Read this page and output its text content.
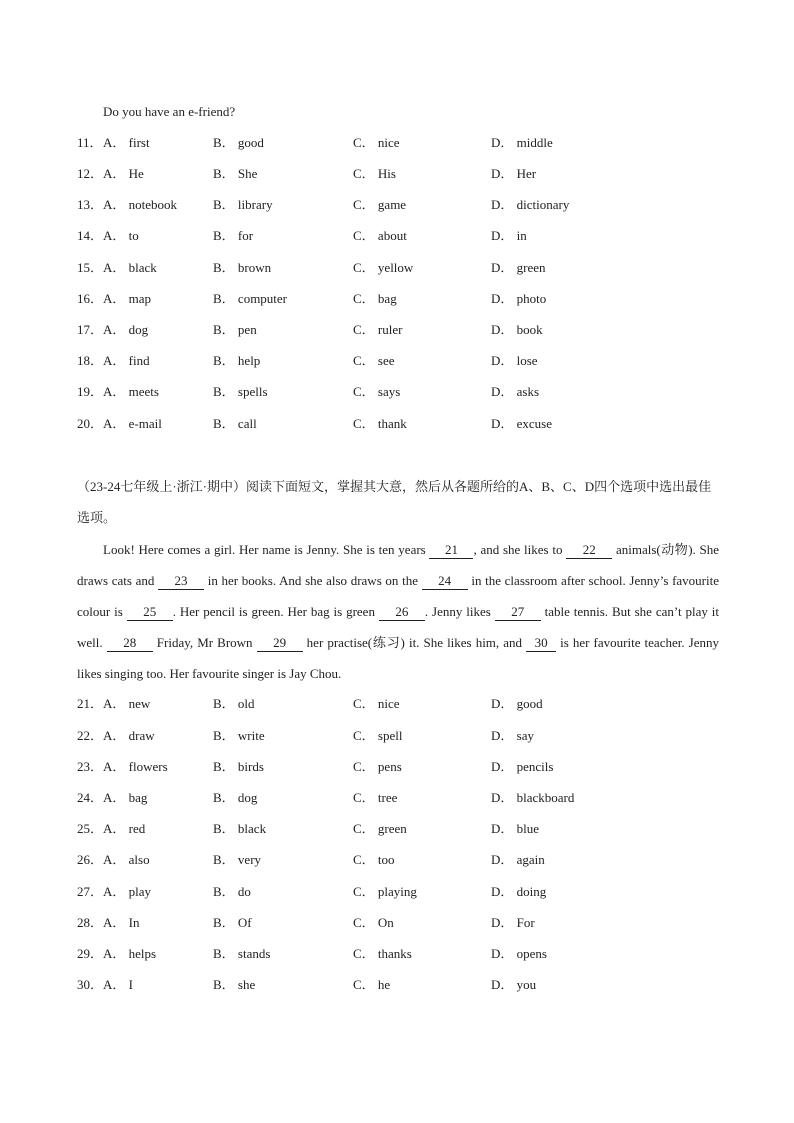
Do you have an e-friend?
11． A． first	B． good	C． nice	D． middle
12． A． He	B． She	C． His	D． Her
13． A． notebook	B． library	C． game	D． dictionary
14． A． to	B． for	C． about	D． in
15． A． black	B． brown	C． yellow	D． green
16． A． map	B． computer	C． bag	D． photo
17． A． dog	B． pen	C． ruler	D． book
18． A． find	B． help	C． see	D． lose
19． A． meets	B． spells	C． says	D． asks
20． A． e-mail	B． call	C． thank	D． excuse
（23-24七年级上·浙江·期中）阅读下面短文，掌握其大意，然后从各题所给的A、B、C、D四个选项中选出最佳选项。
Look! Here comes a girl. Her name is Jenny. She is ten years 21 , and she likes to 22 animals(动物). She draws cats and 23 in her books. And she also draws on the 24 in the classroom after school. Jenny’s favourite colour is 25 . Her pencil is green. Her bag is green 26 . Jenny likes 27 table tennis. But she can’t play it well. 28 Friday, Mr Brown 29 her practise(练习) it. She likes him, and 30 is her favourite teacher. Jenny likes singing too. Her favourite singer is Jay Chou.
21． A． new	B． old	C． nice	D． good
22． A． draw	B． write	C． spell	D． say
23． A． flowers	B． birds	C． pens	D． pencils
24． A． bag	B． dog	C． tree	D． blackboard
25． A． red	B． black	C． green	D． blue
26． A． also	B． very	C． too	D． again
27． A． play	B． do	C． playing	D． doing
28． A． In	B． Of	C． On	D． For
29． A． helps	B． stands	C． thanks	D． opens
30． A． I	B． she	C． he	D． you
